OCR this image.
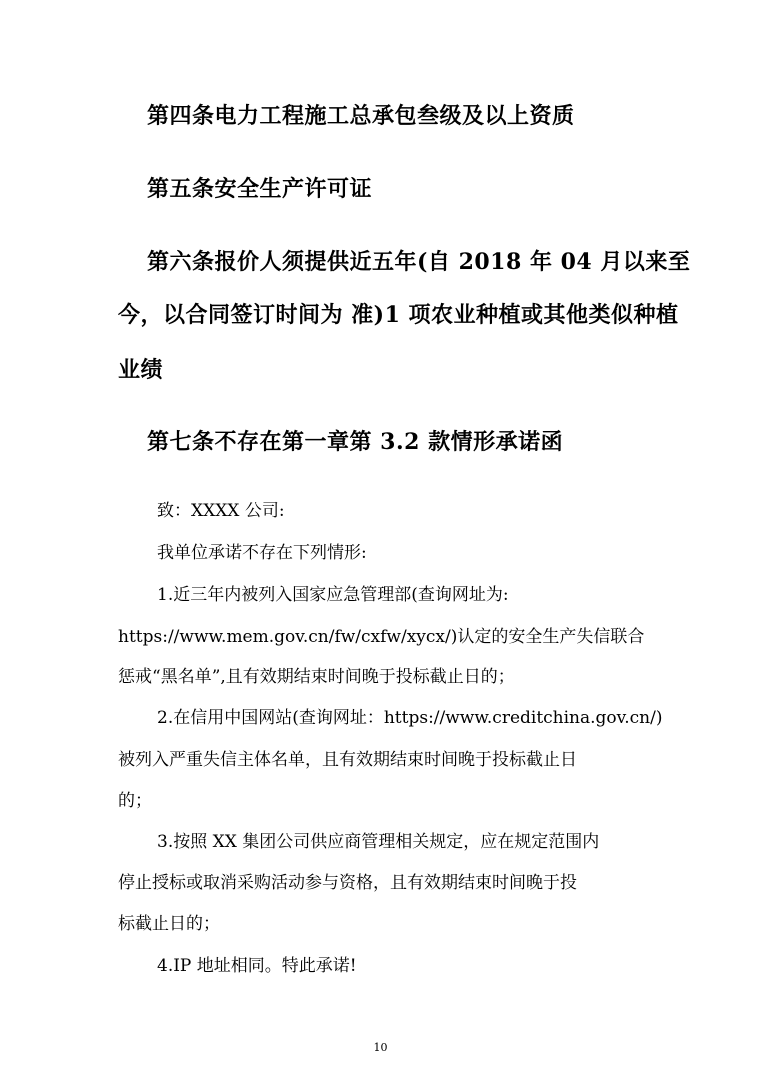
第四条电力工程施工总承包叁级及以上资质

第五条安全生产许可证

第六条报价人须提供近五年(自 2018 年 04 月以来至

今，以合同签订时间为 准)1 项农业种植或其他类似种植

业绩

第七条不存在第一章第 3.2 款情形承诺函

致：XXXX 公司:

我单位承诺不存在下列情形:

1.近三年内被列入国家应急管理部(查询网址为:

https://www.mem.gov.cn/fw/cxfw/xycx/)认定的安全生产失信联合

惩戒“黑名单”,且有效期结束时间晚于投标截止日的；

2.在信用中国网站(查询网址：https://www.creditchina.gov.cn/)

被列入严重失信主体名单，且有效期结束时间晚于投标截止日

的；

3.按照 XX 集团公司供应商管理相关规定，应在规定范围内

停止授标或取消采购活动参与资格，且有效期结束时间晚于投

标截止日的；

4.IP 地址相同。特此承诺!

10
